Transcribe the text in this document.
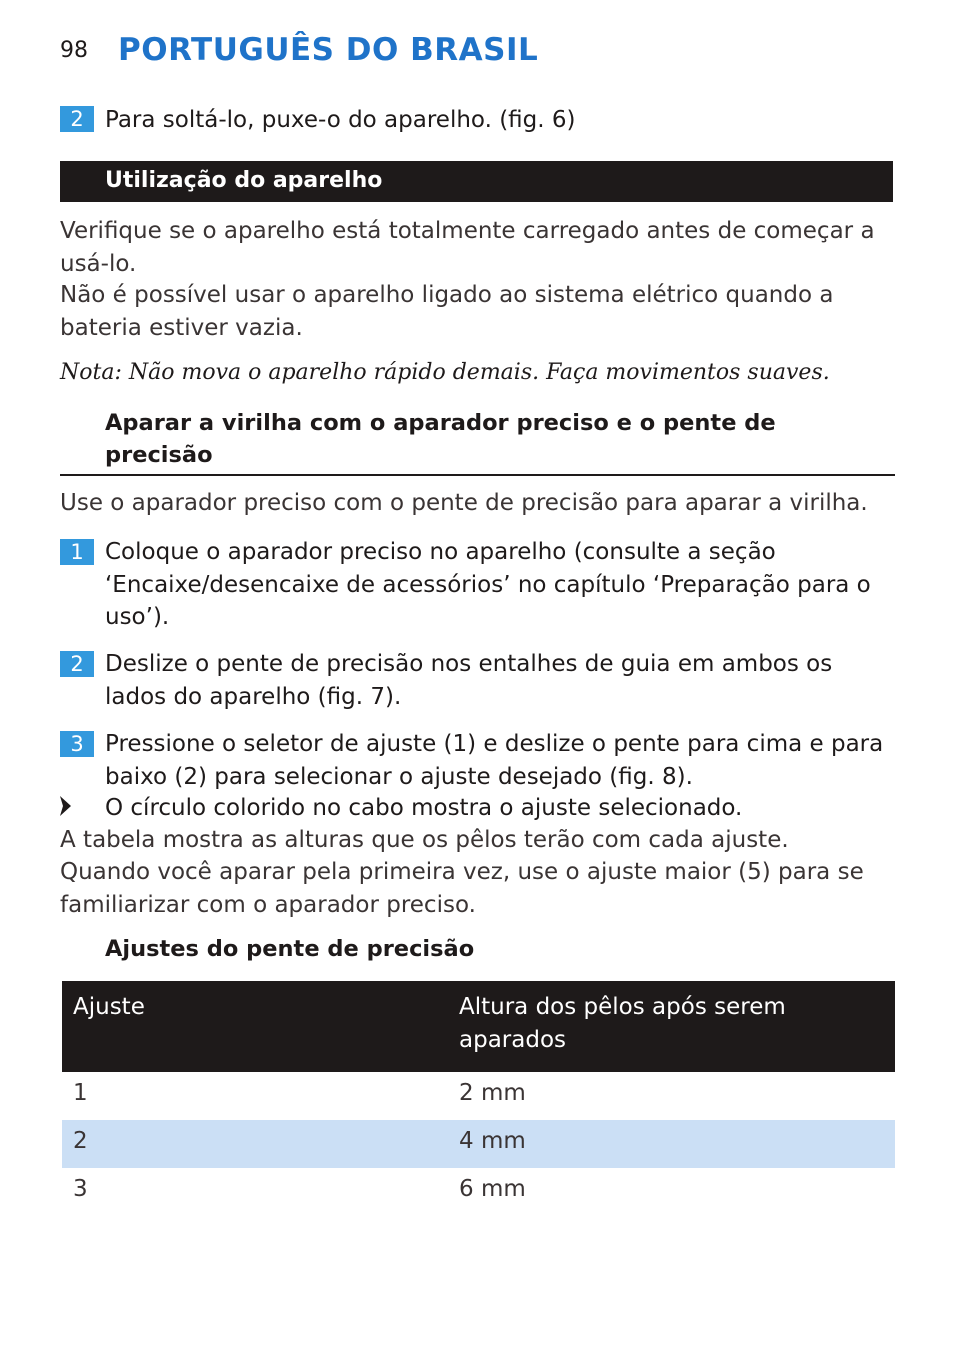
98 PORTUGUÊS DO BRASIL
2 Para soltá-lo, puxe-o do aparelho. (fig. 6)
Utilização do aparelho
Verifique se o aparelho está totalmente carregado antes de começar a usá-lo.
Não é possível usar o aparelho ligado ao sistema elétrico quando a bateria estiver vazia.
Nota: Não mova o aparelho rápido demais. Faça movimentos suaves.
Aparar a virilha com o aparador preciso e o pente de precisão
Use o aparador preciso com o pente de precisão para aparar a virilha.
1 Coloque o aparador preciso no aparelho (consulte a seção ‘Encaixe/desencaixe de acessórios’ no capítulo ‘Preparação para o uso’).
2 Deslize o pente de precisão nos entalhes de guia em ambos os lados do aparelho (fig. 7).
3 Pressione o seletor de ajuste (1) e deslize o pente para cima e para baixo (2) para selecionar o ajuste desejado (fig. 8).
O círculo colorido no cabo mostra o ajuste selecionado.
A tabela mostra as alturas que os pêlos terão com cada ajuste.
Quando você aparar pela primeira vez, use o ajuste maior (5) para se familiarizar com o aparador preciso.
Ajustes do pente de precisão
Ajuste	Altura dos pêlos após serem aparados
1	2 mm
2	4 mm
3	6 mm
